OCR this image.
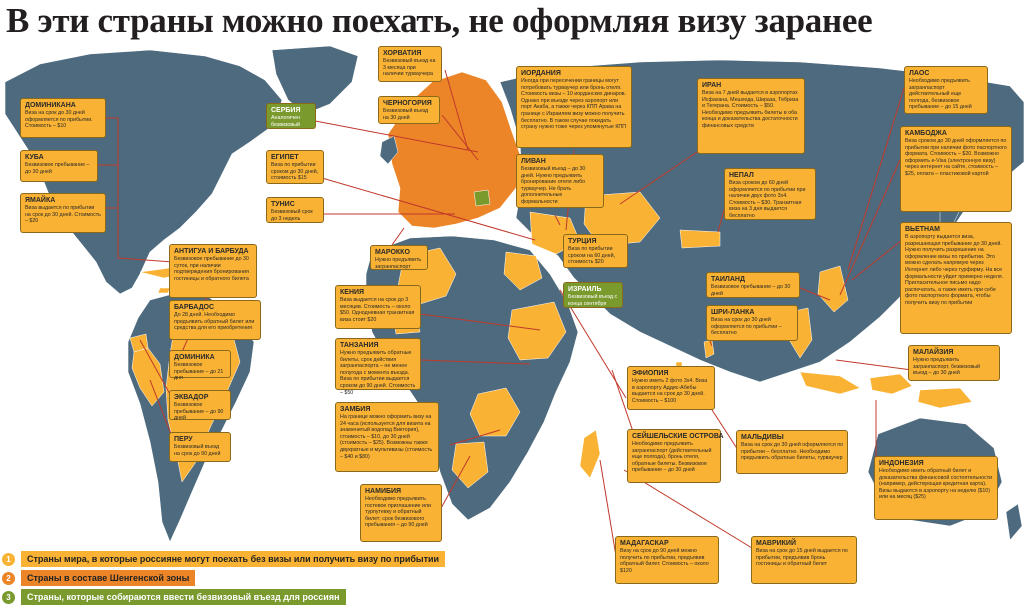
В эти страны можно поехать, не оформляя визу заранее
ДОМИНИКАНА
Виза на срок до 30 дней оформляется по прибытии. Стоимость – $10
КУБА
Безвизовое пребывание – до 30 дней
ЯМАЙКА
Виза выдается по прибытии на срок до 30 дней. Стоимость – $20
АНТИГУА И БАРБУДА
Безвизовое пребывание до 30 суток, при наличии подтверждения бронирования гостиницы и обратного билета
БАРБАДОС
До 28 дней. Необходимо предъявить обратный билет или средства для его приобретения
ДОМИНИКА
Безвизовое пребывание – до 21 дня
ЭКВАДОР
Безвизовое пребывание – до 90 дней
ПЕРУ
Безвизовый въезд на срок до 90 дней
ХОРВАТИЯ
Безвизовый въезд на 3 месяца при наличии турваучера
ЧЕРНОГОРИЯ
Безвизовый въезд на 30 дней
СЕРБИЯ
Аналогичен безвизовый въезд
ЕГИПЕТ
Виза по прибытии сроком до 30 дней, стоимость $15
ТУНИС
Безвизовый срок до 3 недель
МАРОККО
Нужно предъявить загранпаспорт
ИОРДАНИЯ
Иногда при пересечении границы могут потребовать турваучер или бронь отеля. Стоимость визы – 10 иорданских динаров. Однако при въезде через аэропорт или порт Акаба, а также через КПП Арава на границе с Израилем визу можно получить бесплатно. В таком случае покидать страну нужно тоже через упомянутые КПП
ЛИВАН
Безвизовый въезд – до 30 дней. Нужно предъявить бронирование отеля либо турваучер. Не брать дополнительные формальности
ТУРЦИЯ
Виза по прибытии сроком на 60 дней, стоимость $20
ИЗРАИЛЬ
Безвизовый въезд с конца сентября
ИРАН
Виза на 7 дней выдается в аэропортах Исфахана, Мешхеда, Шираза, Тебриза и Тегерана. Стоимость – $50. Необходимо предъявить билеты в оба конца и доказательства достаточности финансовых средств
НЕПАЛ
Виза сроком до 60 дней оформляется по прибытии при наличии двух фото 3х4. Стоимость – $30. Транзитная виза на 3 дня выдается бесплатно
ЛАОС
Необходимо предъявить загранпаспорт действительный еще полгода, безвизовое пребывание – до 15 дней
КАМБОДЖА
Виза сроком до 30 дней оформляется по прибытии при наличии фото паспортного формата. Стоимость – $20. Возможно оформить e-Visa (электронную визу) через интернет на сайте, стоимость – $25, оплата – пластиковой картой
ВЬЕТНАМ
В аэропорту выдается виза, разрешающая пребывание до 30 дней. Нужно получить разрешение на оформление визы по прибытии. Это можно сделать напрямую через Интернет либо через турфирму. На все формальности уйдет примерно неделя. Пригласительное письмо надо распечатать, а также иметь при себе фото паспортного формата, чтобы получить визу по прибытии
ТАИЛАНД
Безвизовое пребывание – до 30 дней
ШРИ-ЛАНКА
Виза на срок до 30 дней оформляется по прибытии – бесплатно
МАЛАЙЗИЯ
Нужно предъявить загранпаспорт, безвизовый въезд – до 30 дней
КЕНИЯ
Виза выдается на срок до 3 месяцев. Стоимость – около $50. Однодневная транзитная виза стоит $20
ТАНЗАНИЯ
Нужно предъявить обратные билеты, срок действия загранпаспорта – не менее полугода с момента въезда. Виза по прибытии выдается сроком до 90 дней. Стоимость – $50
ЗАМБИЯ
На границе можно оформить визу на 24 часа (используется для визита на знаменитый водопад Виктория), стоимость – $10, до 30 дней (стоимость – $25). Возможны также двукратные и мультивизы (стоимость – $40 и $80)
НАМИБИЯ
Необходимо предъявить гостевое приглашение или турпутевку и обратный билет; срок безвизового пребывания – до 90 дней
ЭФИОПИЯ
Нужно иметь 2 фото 3х4. Виза в аэропорту Аддис-Абебы выдается на срок до 30 дней. Стоимость – $100
СЕЙШЕЛЬСКИЕ ОСТРОВА
Необходимо предъявить загранпаспорт (действительный еще полгода), бронь отеля, обратные билеты. Безвизовое пребывание – до 30 дней
МАЛЬДИВЫ
Виза на срок до 30 дней оформляется по прибытии – бесплатно. Необходимо предъявить обратные билеты, турваучер
ИНДОНЕЗИЯ
Необходимо иметь обратный билет и доказательства финансовой состоятельности (например, действующая кредитная карта). Визы выдаются в аэропорту на неделю ($10) или на месяц ($25)
МАДАГАСКАР
Визу на срок до 90 дней можно получить по прибытии, предъявив обратный билет. Стоимость – около $120
МАВРИКИЙ
Виза на срок до 15 дней выдается по прибытии, предъявив бронь гостиницы и обратный билет
1	Страны мира, в которые россияне могут поехать без визы или получить визу по прибытии
2	Страны в составе Шенгенской зоны
3	Страны, которые собираются ввести безвизовый въезд для россиян
